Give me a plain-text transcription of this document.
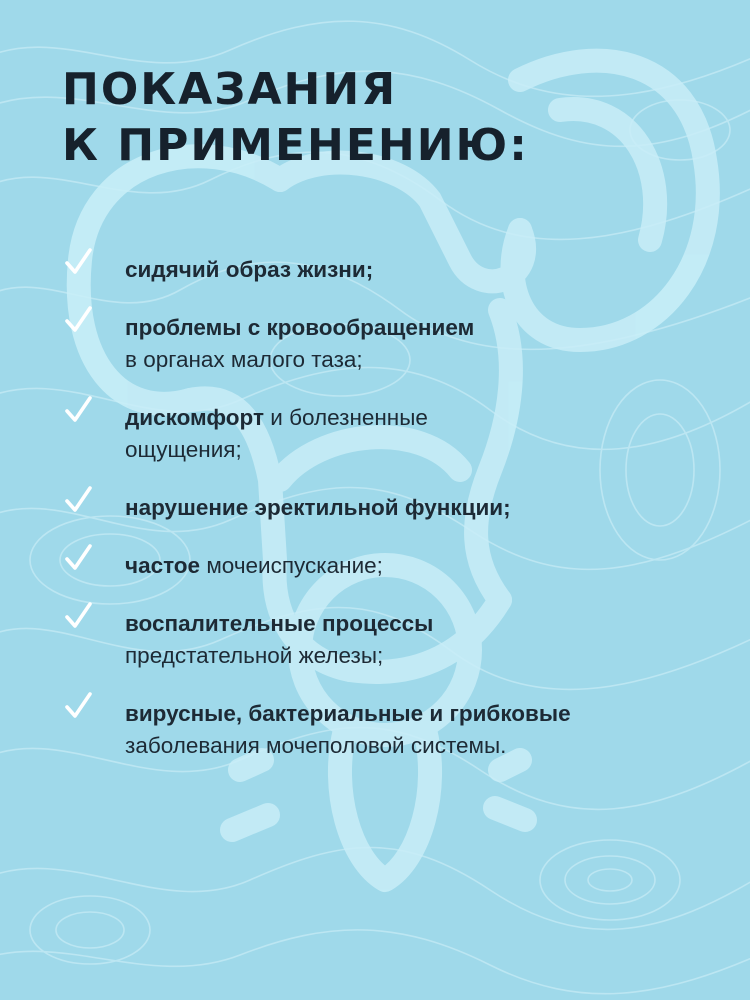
ПОКАЗАНИЯ
К ПРИМЕНЕНИЮ:
сидячий образ жизни;
проблемы с кровообращением
в органах малого таза;
дискомфорт и болезненные
ощущения;
нарушение эректильной функции;
частое мочеиспускание;
воспалительные процессы
предстательной железы;
вирусные, бактериальные и грибковые
заболевания мочеполовой системы.
